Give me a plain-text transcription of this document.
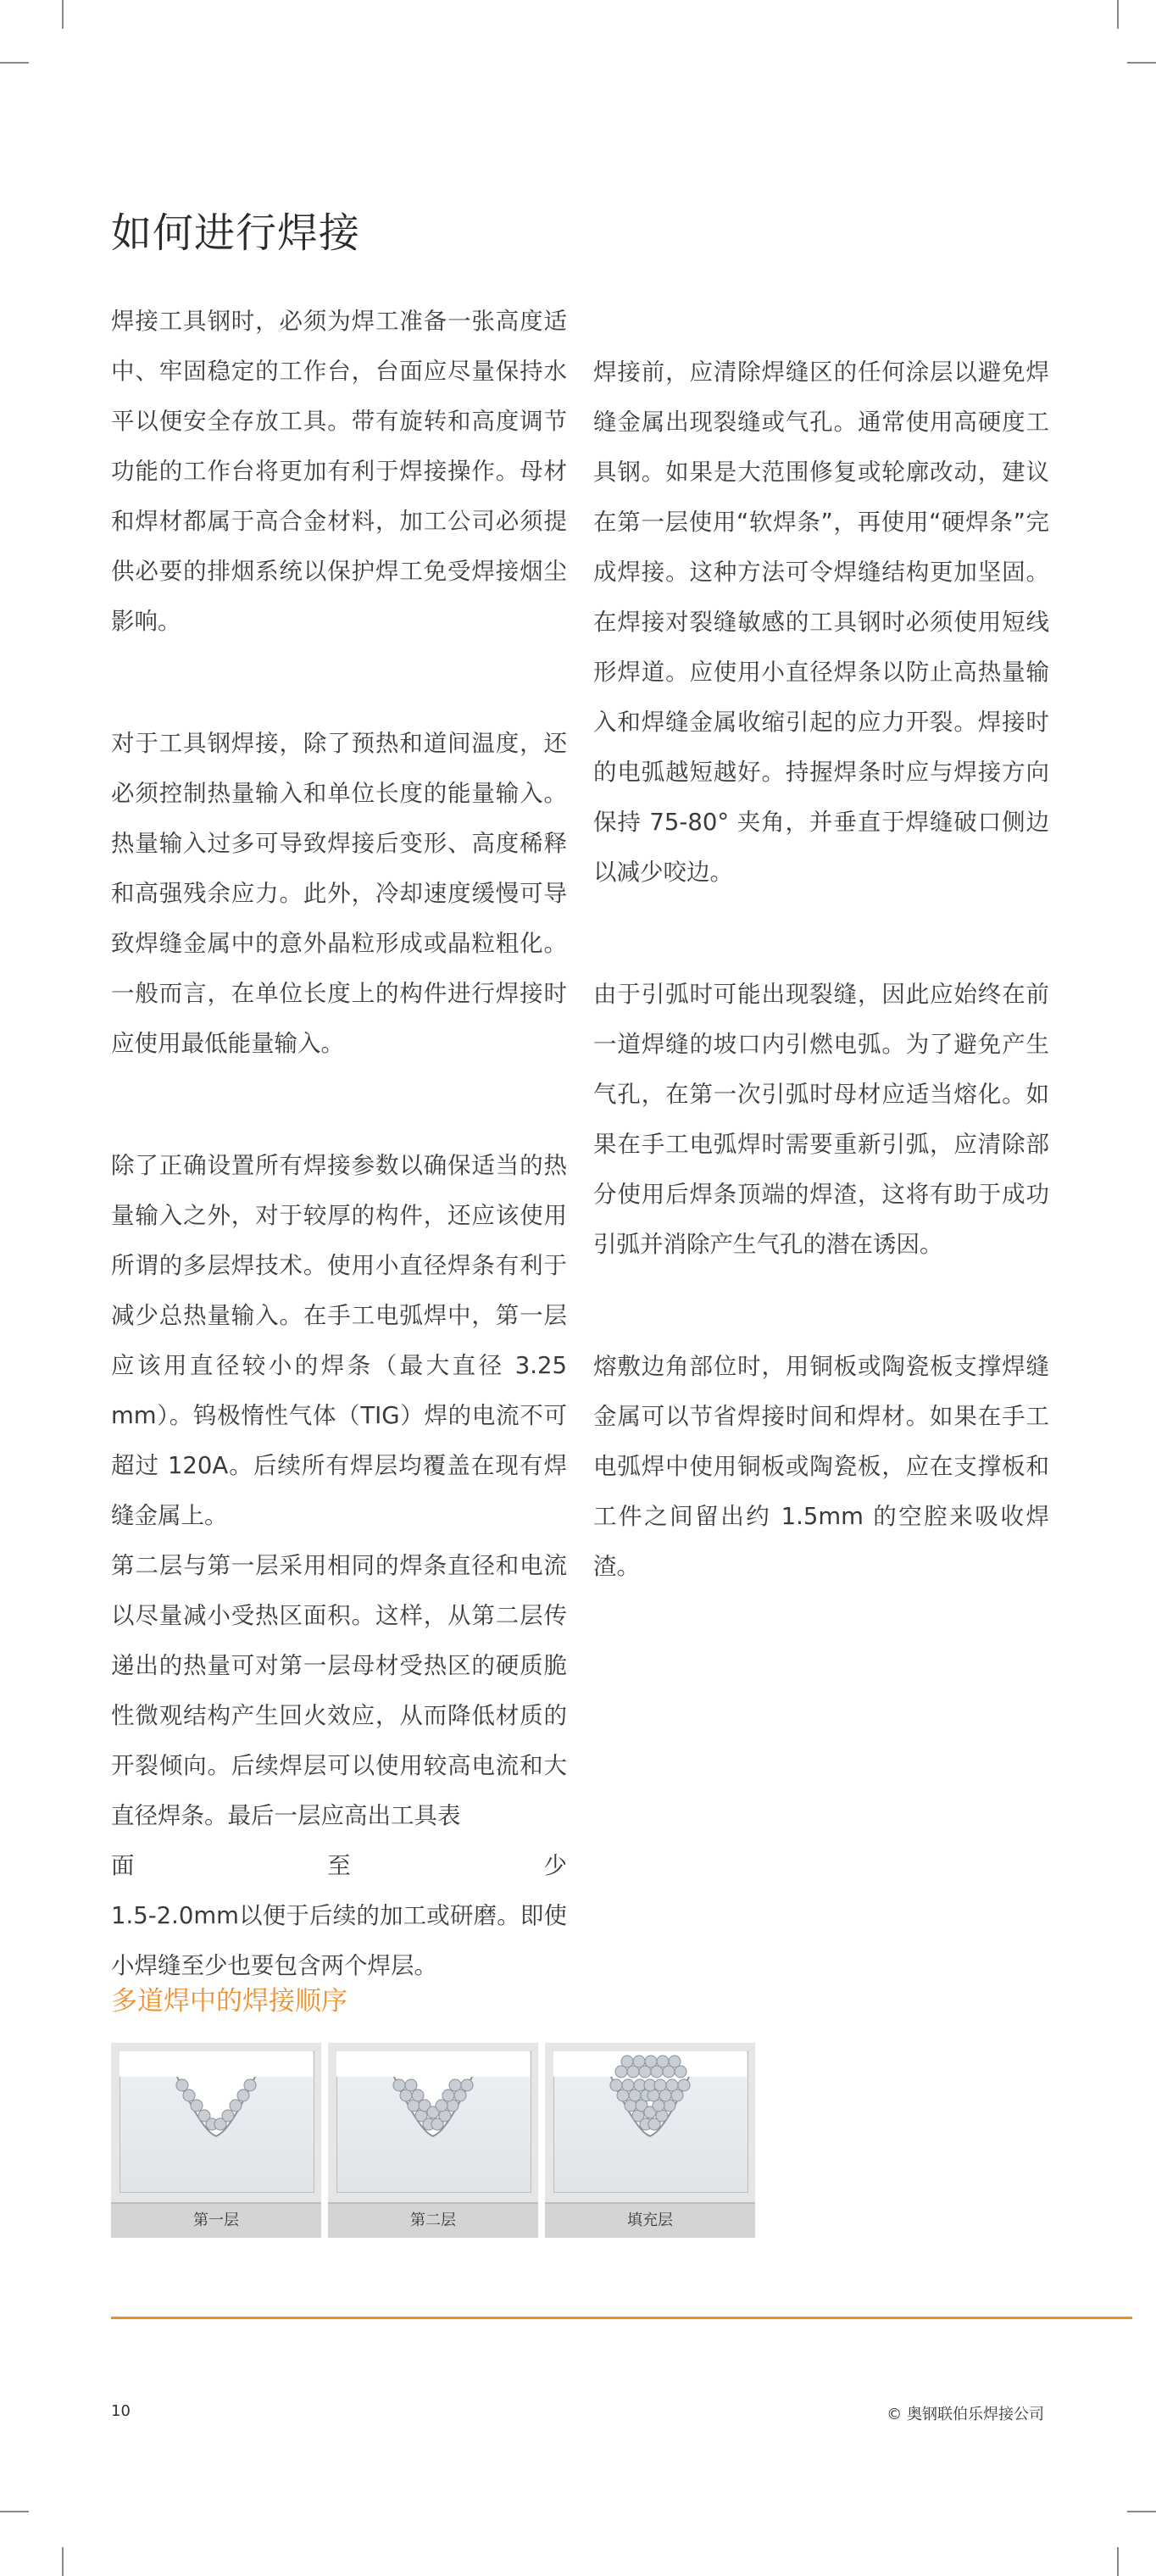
如何进行焊接

焊接工具钢时，必须为焊工准备一张高度适中、牢固稳定的工作台，台面应尽量保持水平以便安全存放工具。带有旋转和高度调节功能的工作台将更加有利于焊接操作。母材和焊材都属于高合金材料，加工公司必须提供必要的排烟系统以保护焊工免受焊接烟尘影响。

对于工具钢焊接，除了预热和道间温度，还必须控制热量输入和单位长度的能量输入。热量输入过多可导致焊接后变形、高度稀释和高强残余应力。此外，冷却速度缓慢可导致焊缝金属中的意外晶粒形成或晶粒粗化。一般而言，在单位长度上的构件进行焊接时应使用最低能量输入。

除了正确设置所有焊接参数以确保适当的热量输入之外，对于较厚的构件，还应该使用所谓的多层焊技术。使用小直径焊条有利于减少总热量输入。在手工电弧焊中，第一层应该用直径较小的焊条（最大直径 3.25 mm）。钨极惰性气体（TIG）焊的电流不可超过 120A。后续所有焊层均覆盖在现有焊缝金属上。

第二层与第一层采用相同的焊条直径和电流以尽量减小受热区面积。这样，从第二层传递出的热量可对第一层母材受热区的硬质脆性微观结构产生回火效应，从而降低材质的开裂倾向。后续焊层可以使用较高电流和大直径焊条。最后一层应高出工具表

面	至	少

1.5-2.0mm以便于后续的加工或研磨。即使小焊缝至少也要包含两个焊层。

焊接前，应清除焊缝区的任何涂层以避免焊缝金属出现裂缝或气孔。通常使用高硬度工具钢。如果是大范围修复或轮廓改动，建议在第一层使用“软焊条”，再使用“硬焊条”完成焊接。这种方法可令焊缝结构更加坚固。在焊接对裂缝敏感的工具钢时必须使用短线形焊道。应使用小直径焊条以防止高热量输入和焊缝金属收缩引起的应力开裂。焊接时的电弧越短越好。持握焊条时应与焊接方向保持 75-80° 夹角，并垂直于焊缝破口侧边以减少咬边。

由于引弧时可能出现裂缝，因此应始终在前一道焊缝的坡口内引燃电弧。为了避免产生气孔，在第一次引弧时母材应适当熔化。如果在手工电弧焊时需要重新引弧，应清除部分使用后焊条顶端的焊渣，这将有助于成功引弧并消除产生气孔的潜在诱因。

熔敷边角部位时，用铜板或陶瓷板支撑焊缝金属可以节省焊接时间和焊材。如果在手工电弧焊中使用铜板或陶瓷板，应在支撑板和工件之间留出约 1.5mm 的空腔来吸收焊渣。

多道焊中的焊接顺序
第一层	第二层	填充层
10	© 奥钢联伯乐焊接公司
